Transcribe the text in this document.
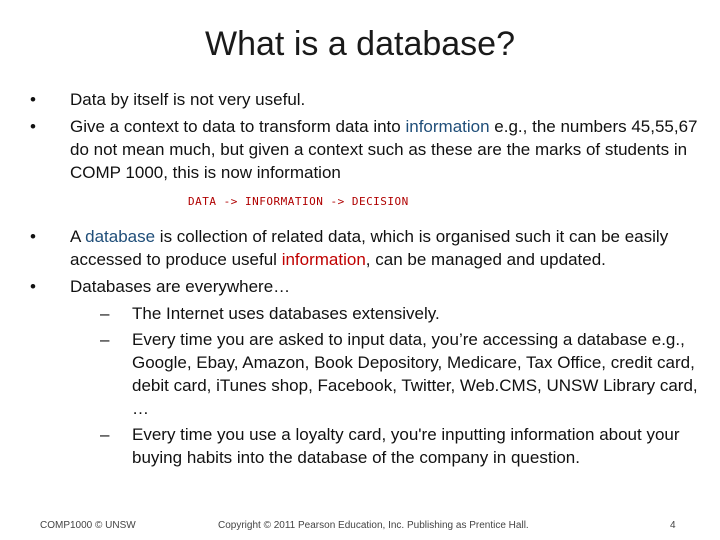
What is a database?
•	Data by itself is not very useful.
•	Give a context to data to transform data into information e.g., the numbers 45,55,67 do not mean much, but given a context such as these are the marks of students in COMP 1000, this is now information
DATA -> INFORMATION -> DECISION
•	A database is collection of related data, which is organised such it can be easily accessed to produce useful information, can be managed and updated.
•	Databases are everywhere…
–	The Internet uses databases extensively.
–	Every time you are asked to input data, you’re accessing a database e.g., Google, Ebay, Amazon, Book Depository, Medicare, Tax Office, credit card, debit card, iTunes shop, Facebook, Twitter, Web.CMS, UNSW Library card, …
–	Every time you use a loyalty card, you're inputting information about your buying habits into the database of the company in question.
COMP1000 © UNSW	Copyright © 2011 Pearson Education, Inc. Publishing as Prentice Hall.	4
